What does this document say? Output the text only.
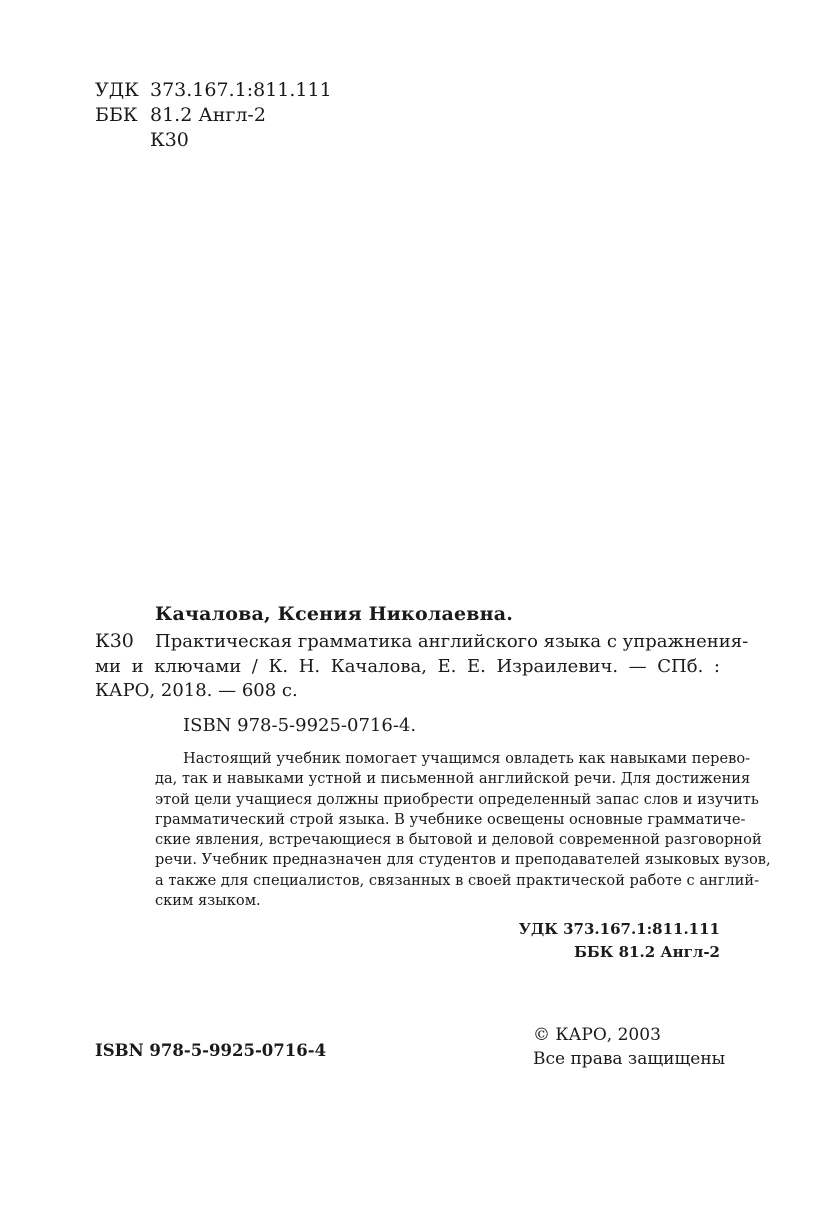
УДК 373.167.1:811.111
ББК 81.2 Англ-2
К30
Качалова, Ксения Николаевна.
К30	Практическая грамматика английского языка с упражнения-
ми и ключами / К. Н. Качалова, Е. Е. Израилевич. — СПб. :
КАРО, 2018. — 608 с.
ISBN 978-5-9925-0716-4.
Настоящий учебник помогает учащимся овладеть как навыками перево-
да, так и навыками устной и письменной английской речи. Для достижения
этой цели учащиеся должны приобрести определенный запас слов и изучить
грамматический строй языка. В учебнике освещены основные грамматиче-
ские явления, встречающиеся в бытовой и деловой современной разговорной
речи. Учебник предназначен для студентов и преподавателей языковых вузов,
а также для специалистов, связанных в своей практической работе с англий-
ским языком.
УДК 373.167.1:811.111
ББК 81.2 Англ-2
ISBN 978-5-9925-0716-4
© КАРО, 2003
Все права защищены
